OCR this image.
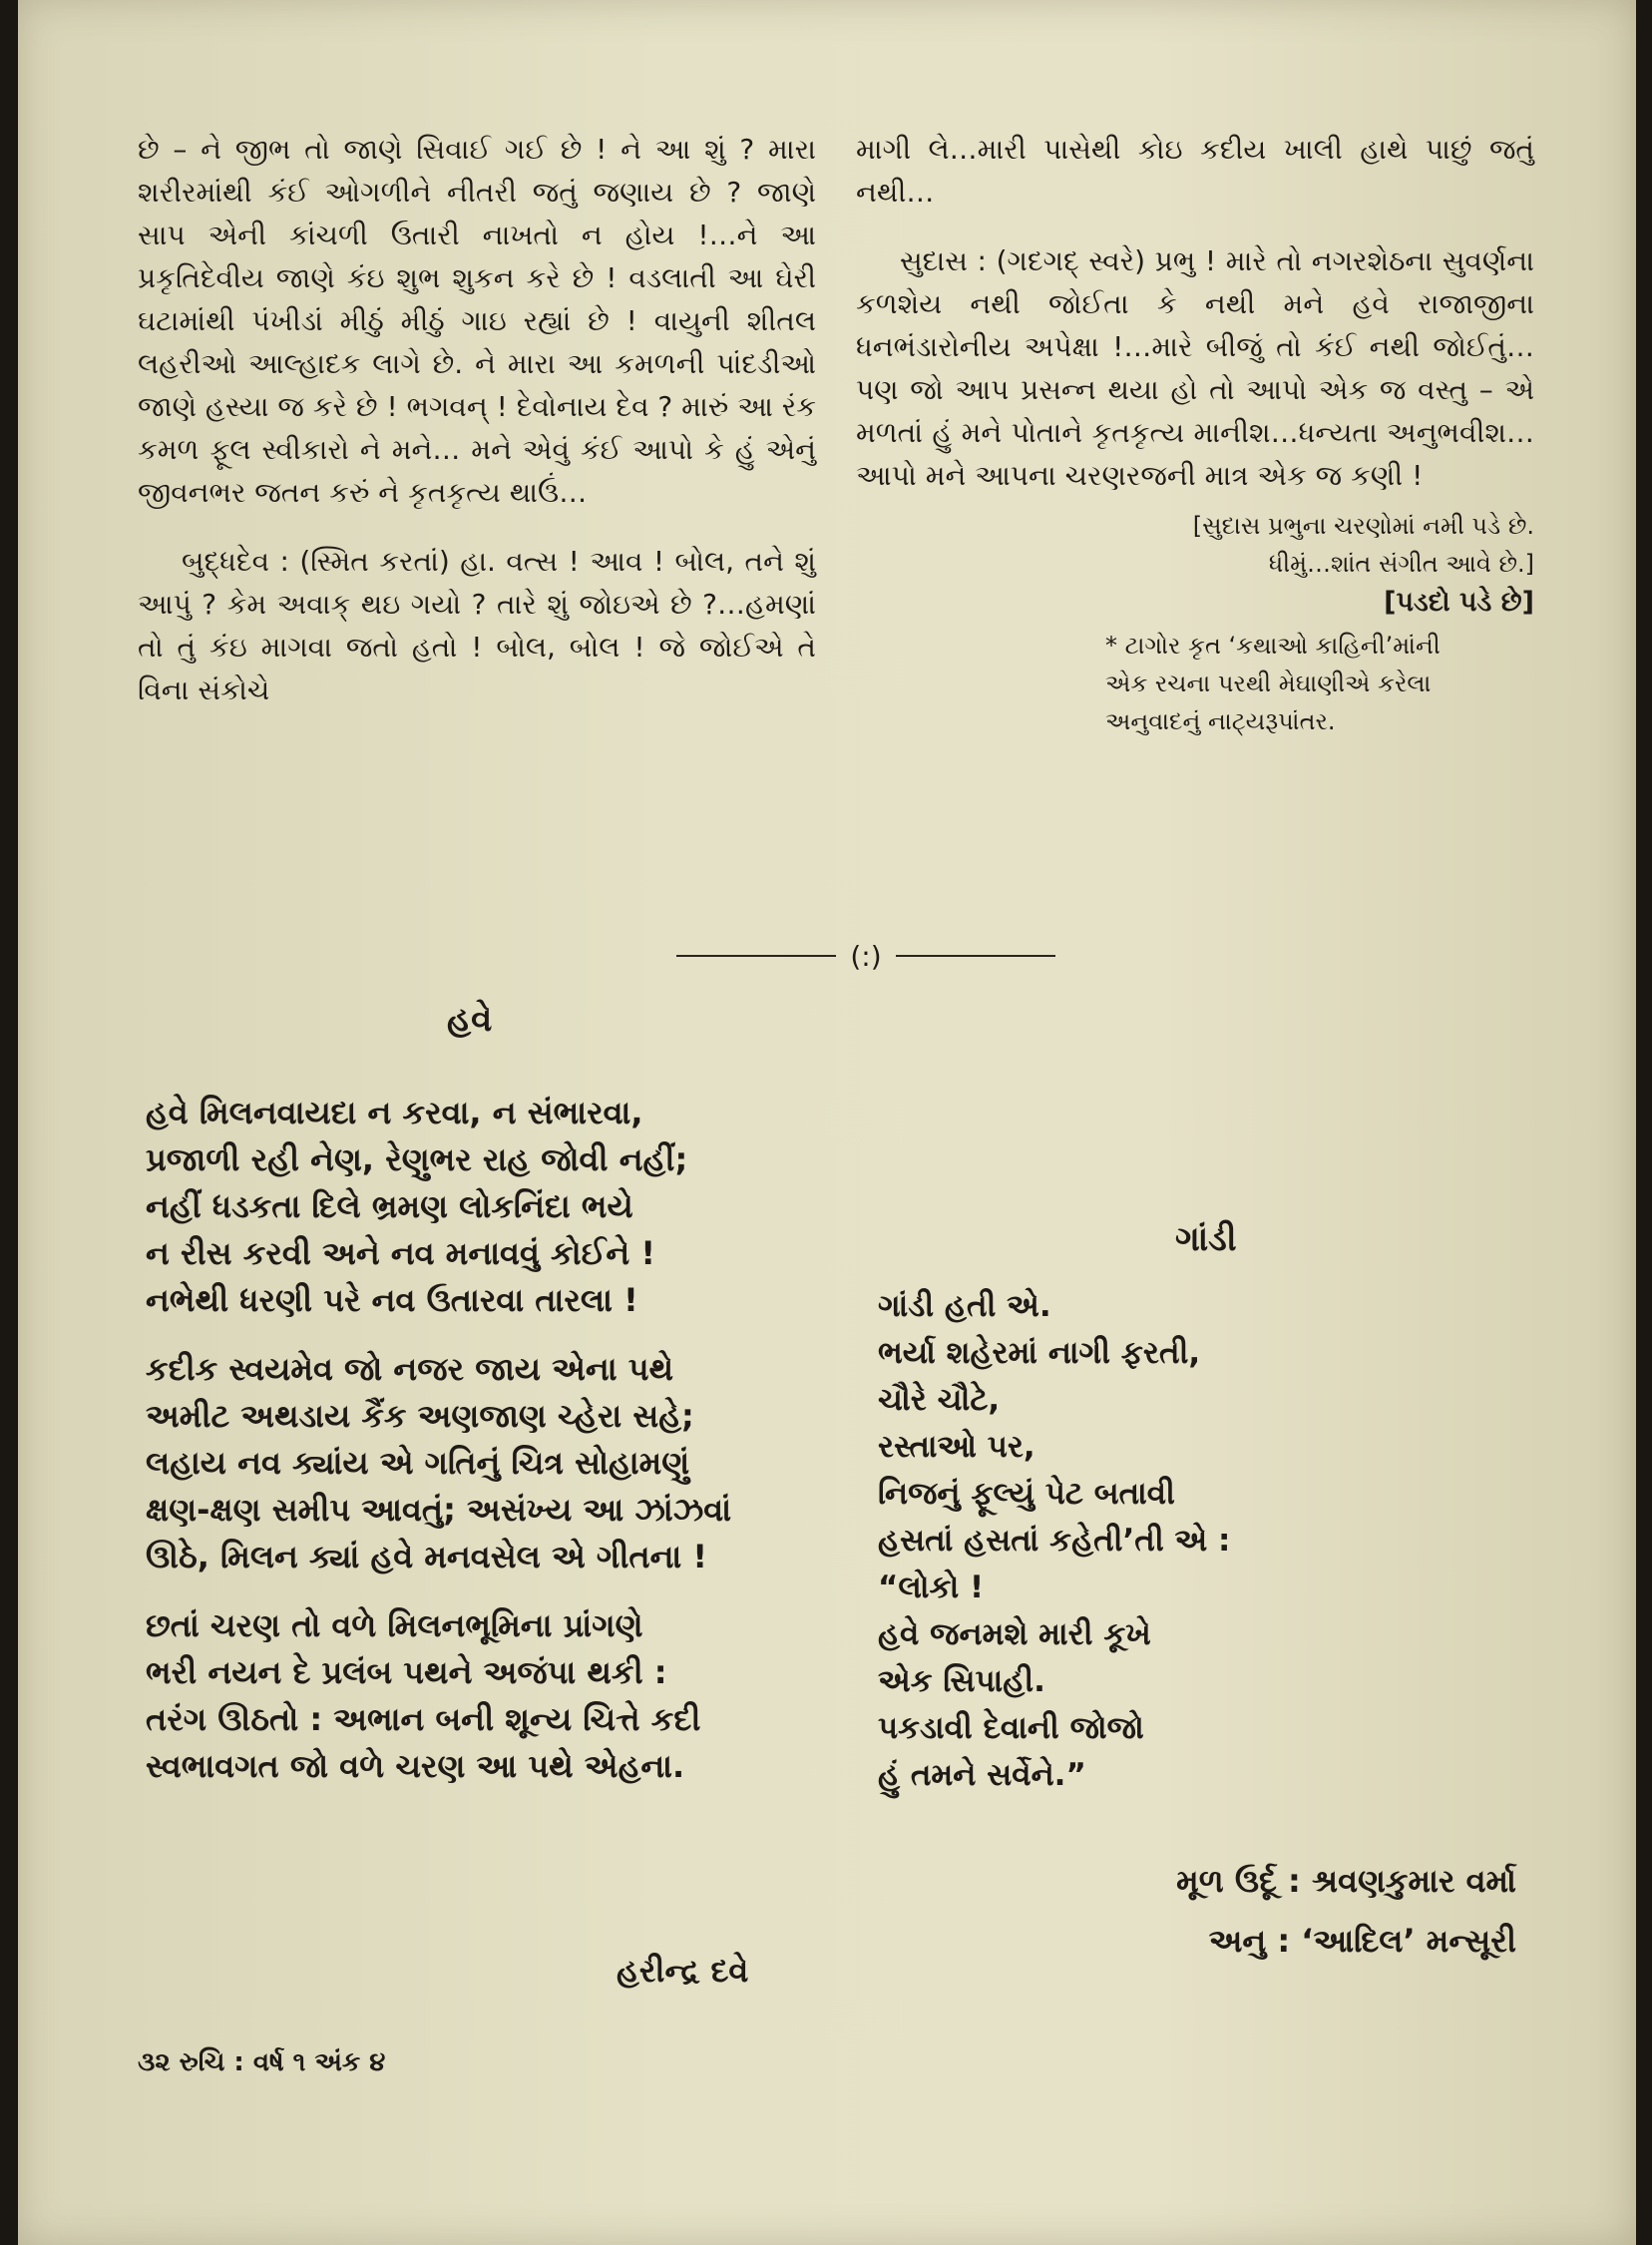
છે – ને જીભ તો જાણે સિવાઈ ગઈ છે ! ને આ શું ? મારા શરીરમાંથી કંઈ ઓગળીને નીતરી જતું જણાય છે ? જાણે સાપ એની કાંચળી ઉતારી નાખતો ન હોય !…ને આ પ્રકૃતિદેવીય જાણે કંઇ શુભ શુકન કરે છે ! વડલાતી આ ઘેરી ઘટામાંથી પંખીડાં મીઠું મીઠું ગાઇ રહ્યાં છે ! વાયુની શીતલ લહરીઓ આલ્હાદક લાગે છે. ને મારા આ કમળની પાંદડીઓ જાણે હસ્યા જ કરે છે ! ભગવન્ ! દેવોનાય દેવ ? મારું આ રંક કમળ ફૂલ સ્વીકારો ને મને… મને એવું કંઈ આપો કે હું એનું જીવનભર જતન કરું ને કૃતકૃત્ય થાઉં…

બુદ્ધદેવ : (સ્મિત કરતાં) હા. વત્સ ! આવ ! બોલ, તને શું આપું ? કેમ અવાક્ થઇ ગયો ? તારે શું જોઇએ છે ?…હમણાં તો તું કંઇ માગવા જતો હતો ! બોલ, બોલ ! જે જોઈએ તે વિના સંકોચે

માગી લે…મારી પાસેથી કોઇ કદીય ખાલી હાથે પાછું જતું નથી…

સુદાસ : (ગદગદ્ સ્વરે) પ્રભુ ! મારે તો નગરશેઠના સુવર્ણના કળશેય નથી જોઈતા કે નથી મને હવે રાજાજીના ધનભંડારોનીય અપેક્ષા !…મારે બીજું તો કંઈ નથી જોઈતું…પણ જો આપ પ્રસન્ન થયા હો તો આપો એક જ વસ્તુ – એ મળતાં હું મને પોતાને કૃતકૃત્ય માનીશ…ધન્યતા અનુભવીશ…આપો મને આપના ચરણરજની માત્ર એક જ કણી !

[સુદાસ પ્રભુના ચરણોમાં નમી પડે છે.

ધીમું…શાંત સંગીત આવે છે.]

[પડદો પડે છે]

* ટાગોર કૃત ‘કથાઓ કાહિની’માંની
એક રચના પરથી મેઘાણીએ કરેલા
અનુવાદનું નાટ્યરૂપાંતર.
(:)
હવે

હવે મિલનવાયદા ન કરવા, ન સંભારવા,

પ્રજાળી રહી નેણ, રેણુભર રાહ જોવી નહીં;

નહીં ધડકતા દિલે ભ્રમણ લોકનિંદા ભયે

ન રીસ કરવી અને નવ મનાવવું કોઈને !

નભેથી ધરણી પરે નવ ઉતારવા તારલા !

કદીક સ્વયમેવ જો નજર જાય એના પથે

અમીટ અથડાય કૈંક અણજાણ ચ્હેરા સહે;

લહાય નવ ક્યાંય એ ગતિનું ચિત્ર સોહામણું

ક્ષણ-ક્ષણ સમીપ આવતું; અસંખ્ય આ ઝાંઝવાં

ઊઠે, મિલન ક્યાં હવે મનવસેલ એ ગીતના !

છતાં ચરણ તો વળે મિલનભૂમિના પ્રાંગણે

ભરી નયન દે પ્રલંબ પથને અજંપા થકી :

તરંગ ઊઠતો : અભાન બની શૂન્ય ચિત્તે કદી

સ્વભાવગત જો વળે ચરણ આ પથે એહના.

હરીન્દ્ર દવે
ગાંડી

ગાંડી હતી એ.

ભર્યા શહેરમાં નાગી ફરતી,

ચૌરે ચૌટે,

રસ્તાઓ પર,

નિજનું ફૂલ્યું પેટ બતાવી

હસતાં હસતાં કહેતી’તી એ :

“લોકો !

હવે જનમશે મારી કૂખે

એક સિપાહી.

પકડાવી દેવાની જોજો

હું તમને સર્વેને.”

મૂળ ઉર્દૂ : શ્રવણકુમાર વર્મા
અનુ : ‘આદિલ’ મન્સૂરી
૩૨ રુચિ : વર્ષ ૧ અંક ૪
